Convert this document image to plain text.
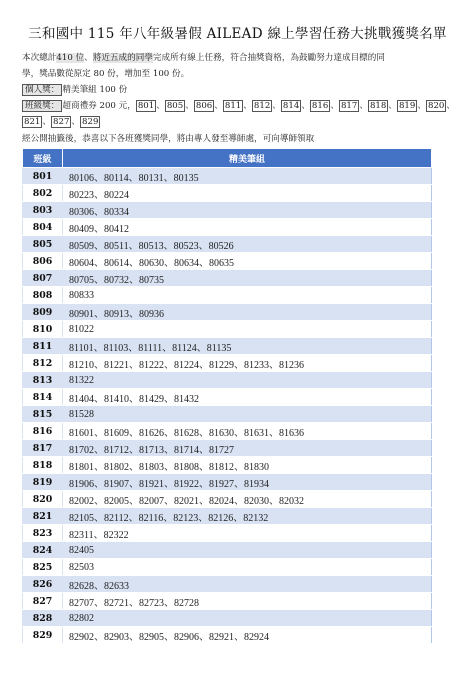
三和國中 115 年八年級暑假 AILEAD 線上學習任務大挑戰獲獎名單
本次總計410 位、將近五成的同學完成所有線上任務，符合抽獎資格，為鼓勵努力達成目標的同
學，獎品數從原定 80 份，增加至 100 份。
個人獎： 精美筆組 100 份
班級獎： 超商禮券 200 元， 801 、 805 、 806 、 811 、 812 、 814 、 816 、 817 、 818 、 819 、 820 、
821 、 827 、 829
經公開抽籤後，恭喜以下各班獲獎同學，將由專人發至導師處，可向導師領取
班級	精美筆組
801	80106、80114、80131、80135
802	80223、80224
803	80306、80334
804	80409、80412
805	80509、80511、80513、80523、80526
806	80604、80614、80630、80634、80635
807	80705、80732、80735
808	80833
809	80901、80913、80936
810	81022
811	81101、81103、81111、81124、81135
812	81210、81221、81222、81224、81229、81233、81236
813	81322
814	81404、81410、81429、81432
815	81528
816	81601、81609、81626、81628、81630、81631、81636
817	81702、81712、81713、81714、81727
818	81801、81802、81803、81808、81812、81830
819	81906、81907、81921、81922、81927、81934
820	82002、82005、82007、82021、82024、82030、82032
821	82105、82112、82116、82123、82126、82132
823	82311、82322
824	82405
825	82503
826	82628、82633
827	82707、82721、82723、82728
828	82802
829	82902、82903、82905、82906、82921、82924
